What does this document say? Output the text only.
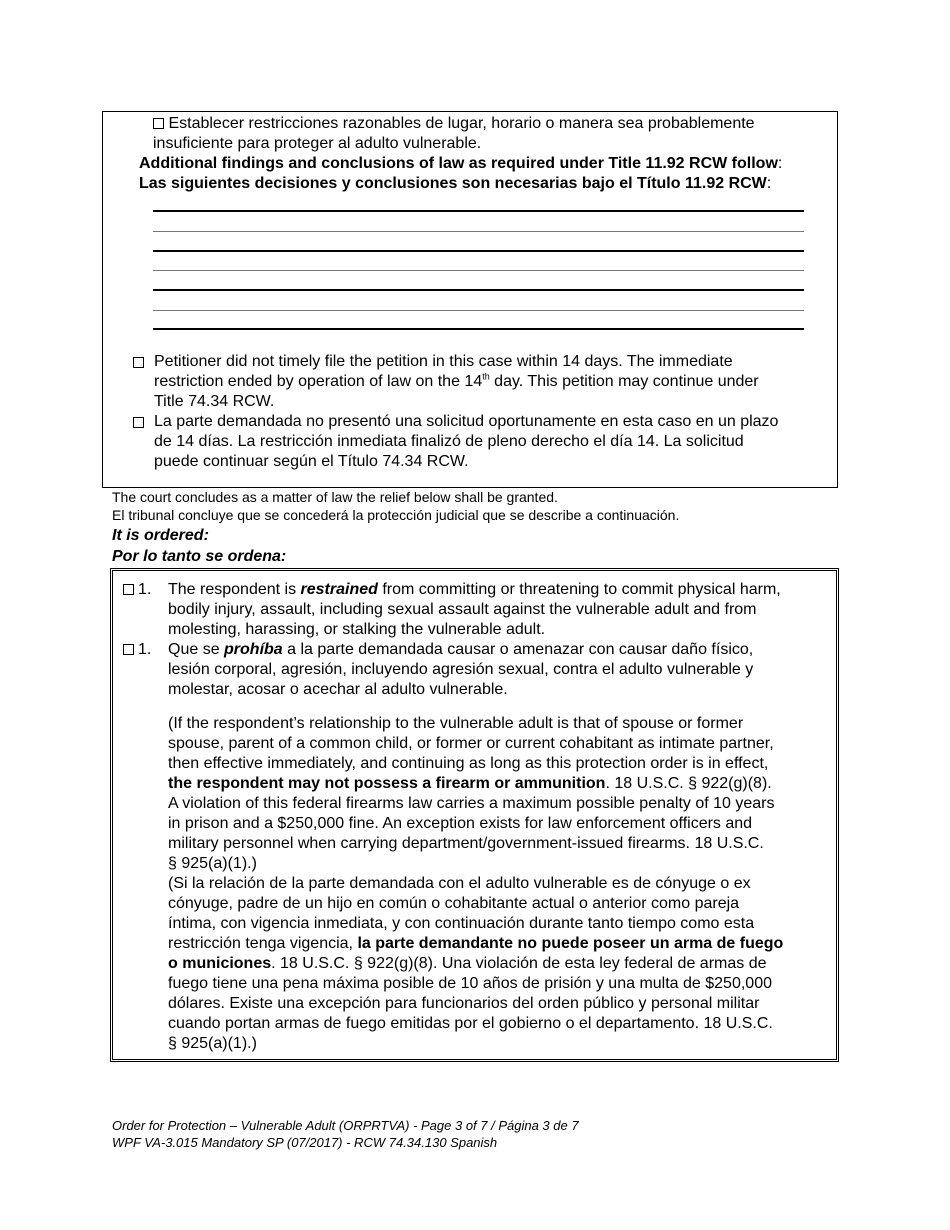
Establecer restricciones razonables de lugar, horario o manera sea probablemente
insuficiente para proteger al adulto vulnerable.
Additional findings and conclusions of law as required under Title 11.92 RCW follow:
Las siguientes decisiones y conclusiones son necesarias bajo el Título 11.92 RCW:
Petitioner did not timely file the petition in this case within 14 days. The immediate
restriction ended by operation of law on the 14th day. This petition may continue under
Title 74.34 RCW.
La parte demandada no presentó una solicitud oportunamente en esta caso en un plazo
de 14 días. La restricción inmediata finalizó de pleno derecho el día 14. La solicitud
puede continuar según el Título 74.34 RCW.
The court concludes as a matter of law the relief below shall be granted.
El tribunal concluye que se concederá la protección judicial que se describe a continuación.
It is ordered:
Por lo tanto se ordena:
1. The respondent is restrained from committing or threatening to commit physical harm,
bodily injury, assault, including sexual assault against the vulnerable adult and from
molesting, harassing, or stalking the vulnerable adult.
1. Que se prohíba a la parte demandada causar o amenazar con causar daño físico,
lesión corporal, agresión, incluyendo agresión sexual, contra el adulto vulnerable y
molestar, acosar o acechar al adulto vulnerable.
(If the respondent’s relationship to the vulnerable adult is that of spouse or former
spouse, parent of a common child, or former or current cohabitant as intimate partner,
then effective immediately, and continuing as long as this protection order is in effect,
the respondent may not possess a firearm or ammunition. 18 U.S.C. § 922(g)(8).
A violation of this federal firearms law carries a maximum possible penalty of 10 years
in prison and a $250,000 fine. An exception exists for law enforcement officers and
military personnel when carrying department/government-issued firearms. 18 U.S.C.
§ 925(a)(1).)
(Si la relación de la parte demandada con el adulto vulnerable es de cónyuge o ex
cónyuge, padre de un hijo en común o cohabitante actual o anterior como pareja
íntima, con vigencia inmediata, y con continuación durante tanto tiempo como esta
restricción tenga vigencia, la parte demandante no puede poseer un arma de fuego
o municiones. 18 U.S.C. § 922(g)(8). Una violación de esta ley federal de armas de
fuego tiene una pena máxima posible de 10 años de prisión y una multa de $250,000
dólares. Existe una excepción para funcionarios del orden público y personal militar
cuando portan armas de fuego emitidas por el gobierno o el departamento. 18 U.S.C.
§ 925(a)(1).)
Order for Protection – Vulnerable Adult (ORPRTVA) - Page 3 of 7 / Página 3 de 7
WPF VA-3.015 Mandatory SP (07/2017) - RCW 74.34.130 Spanish
